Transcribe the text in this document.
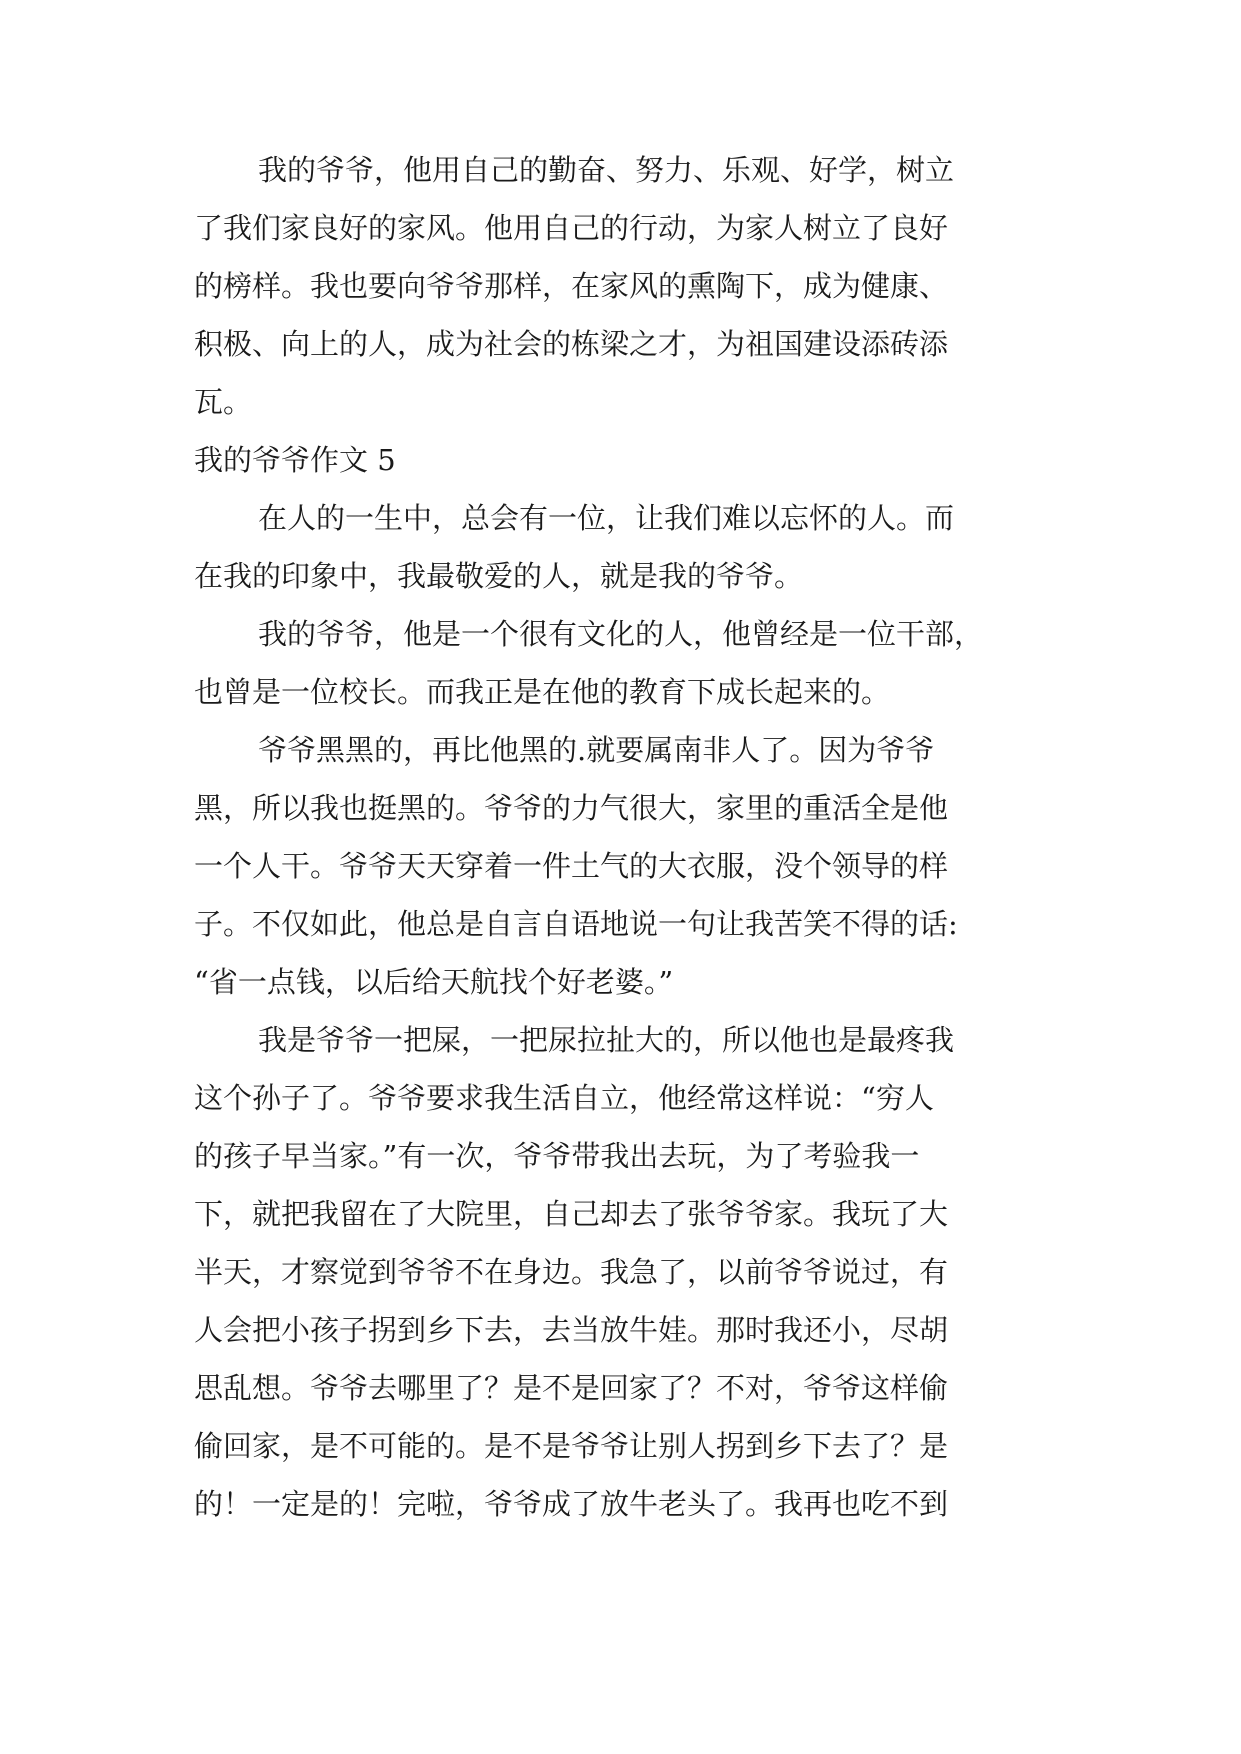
我的爷爷，他用自己的勤奋、努力、乐观、好学，树立
了我们家良好的家风。他用自己的行动，为家人树立了良好
的榜样。我也要向爷爷那样，在家风的熏陶下，成为健康、
积极、向上的人，成为社会的栋梁之才，为祖国建设添砖添
瓦。
我的爷爷作文 5
在人的一生中，总会有一位，让我们难以忘怀的人。而
在我的印象中，我最敬爱的人，就是我的爷爷。
我的爷爷，他是一个很有文化的人，他曾经是一位干部，
也曾是一位校长。而我正是在他的教育下成长起来的。
爷爷黑黑的，再比他黑的.就要属南非人了。因为爷爷
黑，所以我也挺黑的。爷爷的力气很大，家里的重活全是他
一个人干。爷爷天天穿着一件土气的大衣服，没个领导的样
子。不仅如此，他总是自言自语地说一句让我苦笑不得的话:
“省一点钱，以后给天航找个好老婆。”
我是爷爷一把屎，一把尿拉扯大的，所以他也是最疼我
这个孙子了。爷爷要求我生活自立，他经常这样说：“穷人
的孩子早当家。”有一次，爷爷带我出去玩，为了考验我一
下，就把我留在了大院里，自己却去了张爷爷家。我玩了大
半天，才察觉到爷爷不在身边。我急了，以前爷爷说过，有
人会把小孩子拐到乡下去，去当放牛娃。那时我还小，尽胡
思乱想。爷爷去哪里了？是不是回家了？不对，爷爷这样偷
偷回家，是不可能的。是不是爷爷让别人拐到乡下去了？是
的！一定是的！完啦，爷爷成了放牛老头了。我再也吃不到
